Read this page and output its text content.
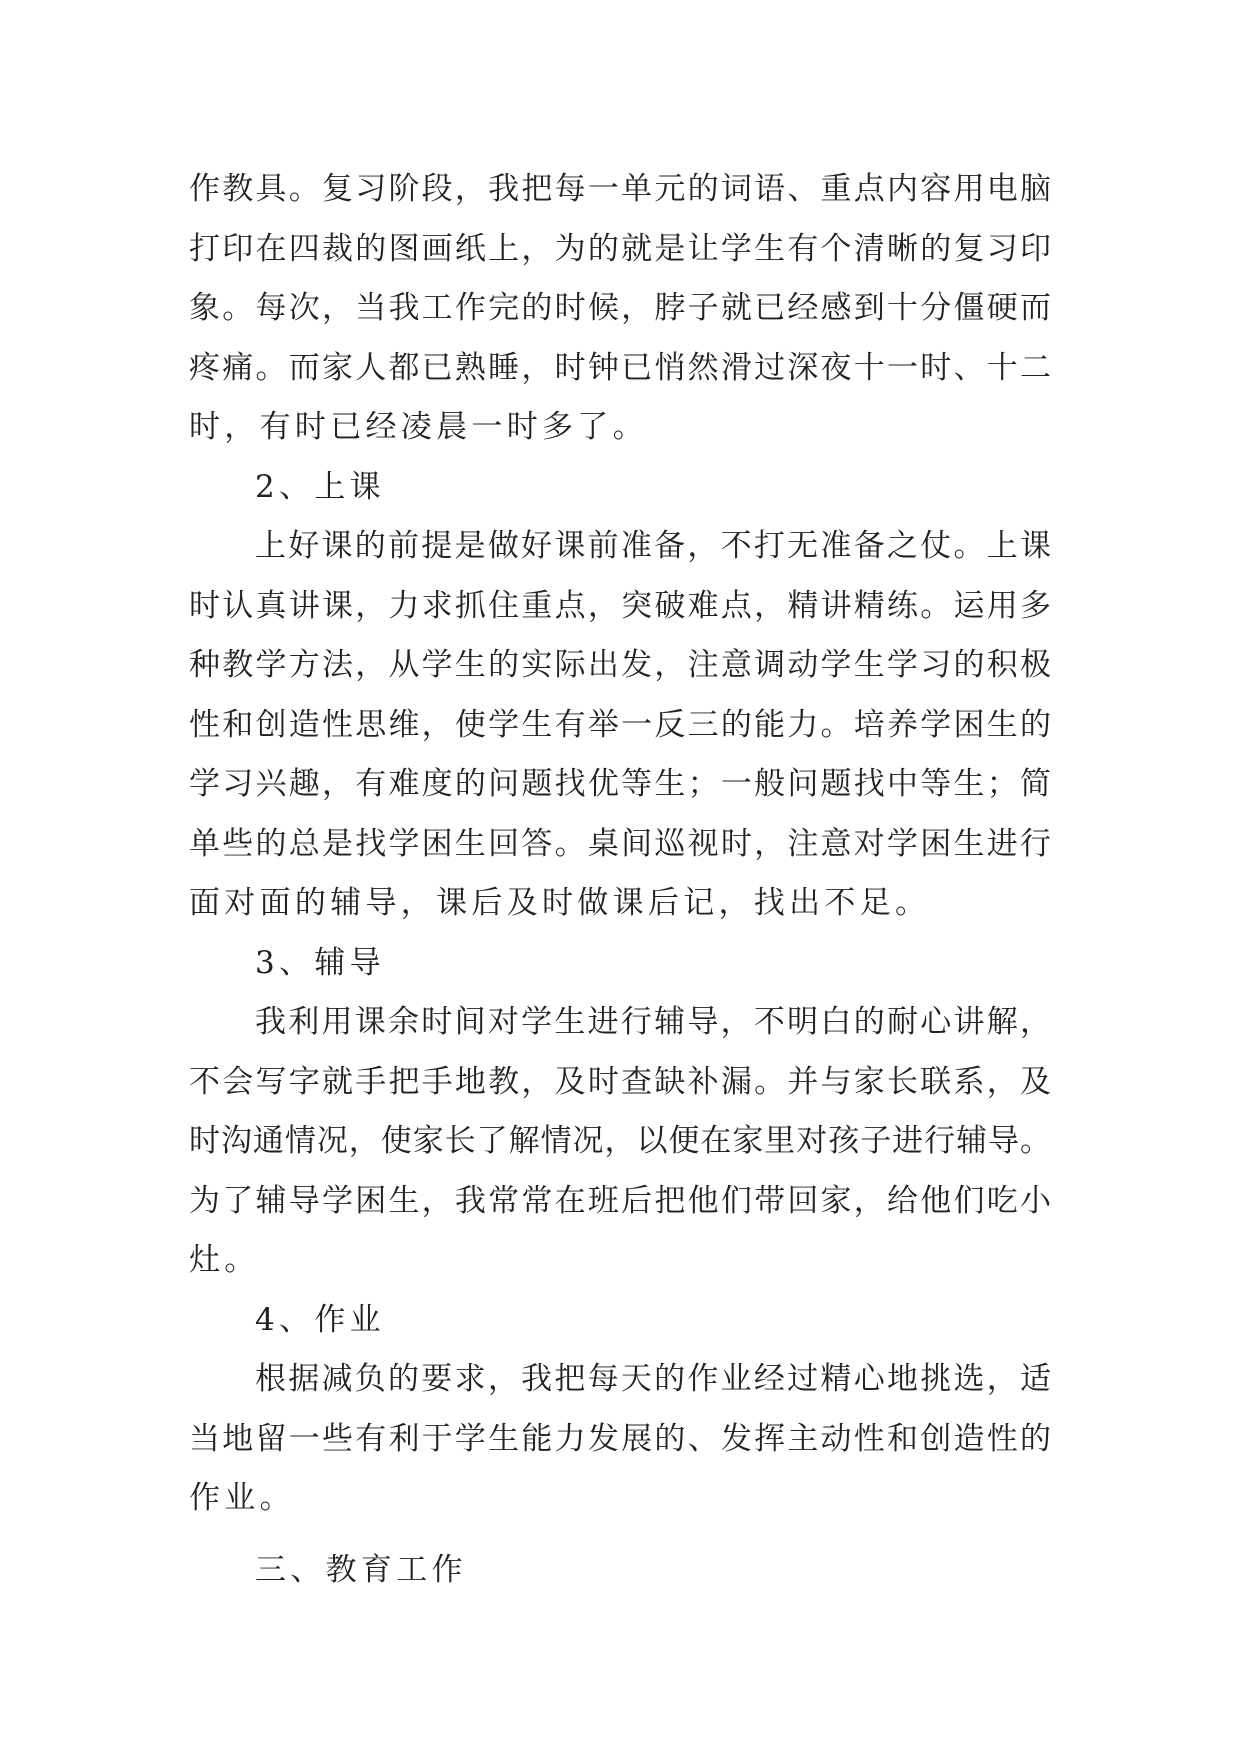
作教具。复习阶段，我把每一单元的词语、重点内容用电脑
打印在四裁的图画纸上，为的就是让学生有个清晰的复习印
象。每次，当我工作完的时候，脖子就已经感到十分僵硬而
疼痛。而家人都已熟睡，时钟已悄然滑过深夜十一时、十二
时，有时已经凌晨一时多了。
2、上课
上好课的前提是做好课前准备，不打无准备之仗。上课
时认真讲课，力求抓住重点，突破难点，精讲精练。运用多
种教学方法，从学生的实际出发，注意调动学生学习的积极
性和创造性思维，使学生有举一反三的能力。培养学困生的
学习兴趣，有难度的问题找优等生；一般问题找中等生；简
单些的总是找学困生回答。桌间巡视时，注意对学困生进行
面对面的辅导，课后及时做课后记，找出不足。
3、辅导
我利用课余时间对学生进行辅导，不明白的耐心讲解，
不会写字就手把手地教，及时查缺补漏。并与家长联系，及
时沟通情况，使家长了解情况，以便在家里对孩子进行辅导。
为了辅导学困生，我常常在班后把他们带回家，给他们吃小
灶。
4、作业
根据减负的要求，我把每天的作业经过精心地挑选，适
当地留一些有利于学生能力发展的、发挥主动性和创造性的
作业。
三、教育工作
